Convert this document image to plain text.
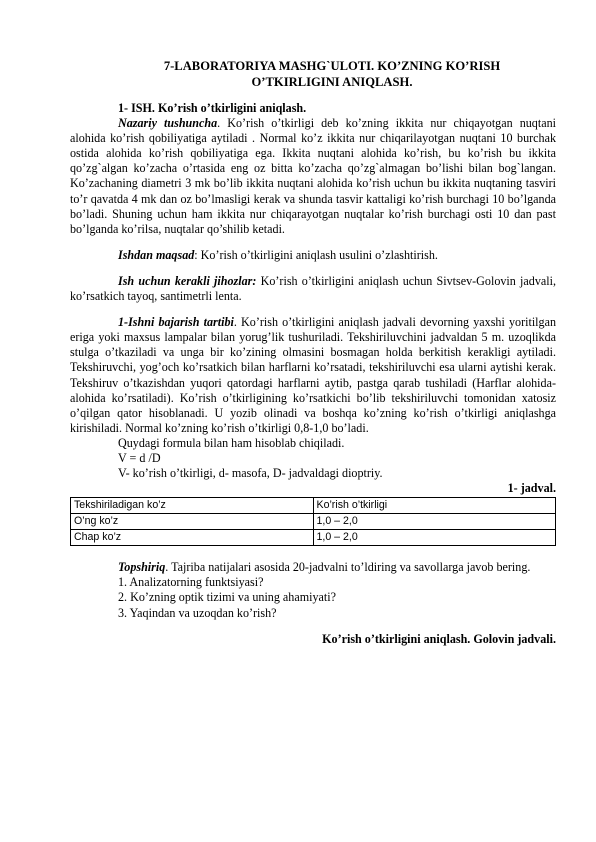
7-LABORATORIYA MASHG`ULOTI. KO’ZNING KO’RISH
O’TKIRLIGINI ANIQLASH.

1- ISH. Ko’rish o’tkirligini aniqlash.

Nazariy tushuncha. Ko’rish o’tkirligi deb ko’zning ikkita nur chiqayotgan nuqtani alohida ko’rish qobiliyatiga aytiladi . Normal ko’z ikkita nur chiqarilayotgan nuqtani 10 burchak ostida alohida ko’rish qobiliyatiga ega. Ikkita nuqtani alohida ko’rish, bu ko’rish bu ikkita qo’zg`algan ko’zacha o’rtasida eng oz bitta ko’zacha qo’zg`almagan bo’lishi bilan bog`langan. Ko’zachaning diametri 3 mk bo’lib ikkita nuqtani alohida ko’rish uchun bu ikkita nuqtaning tasviri to’r qavatda 4 mk dan oz bo’lmasligi kerak va shunda tasvir kattaligi ko’rish burchagi 10 bo’lganda bo’ladi. Shuning uchun ham ikkita nur chiqarayotgan nuqtalar ko’rish burchagi osti 10 dan past bo’lganda ko’rilsa, nuqtalar qo’shilib ketadi.

Ishdan maqsad: Ko’rish o’tkirligini aniqlash usulini o’zlashtirish.

Ish uchun kerakli jihozlar: Ko’rish o’tkirligini aniqlash uchun Sivtsev-Golovin jadvali, ko’rsatkich tayoq, santimetrli lenta.

1-Ishni bajarish tartibi. Ko’rish o’tkirligini aniqlash jadvali devorning yaxshi yoritilgan eriga yoki maxsus lampalar bilan yorug’lik tushuriladi. Tekshiriluvchini jadvaldan 5 m. uzoqlikda stulga o’tkaziladi va unga bir ko’zining olmasini bosmagan holda berkitish kerakligi aytiladi. Tekshiruvchi, yog’och ko’rsatkich bilan harflarni ko’rsatadi, tekshiriluvchi esa ularni aytishi kerak. Tekshiruv o’tkazishdan yuqori qatordagi harflarni aytib, pastga qarab tushiladi (Harflar alohida-alohida ko’rsatiladi). Ko’rish o’tkirligining ko’rsatkichi bo’lib tekshiriluvchi tomonidan xatosiz o’qilgan qator hisoblanadi. U yozib olinadi va boshqa ko’zning ko’rish o’tkirligi aniqlashga kirishiladi. Normal ko’zning ko’rish o’tkirligi 0,8-1,0 bo’ladi.

Quydagi formula bilan ham hisoblab chiqiladi.

V = d /D

V- ko’rish o’tkirligi, d- masofa, D- jadvaldagi dioptriy.

1- jadval.

Tekshiriladigan ko’z	Ko’rish o’tkirligi
O’ng ko’z	1,0 – 2,0
Chap ko’z	1,0 – 2,0

Topshiriq. Tajriba natijalari asosida 20-jadvalni to’ldiring va savollarga javob bering.

1. Analizatorning funktsiyasi?

2. Ko’zning optik tizimi va uning ahamiyati?

3. Yaqindan va uzoqdan ko’rish?

Ko’rish o’tkirligini aniqlash. Golovin jadvali.
